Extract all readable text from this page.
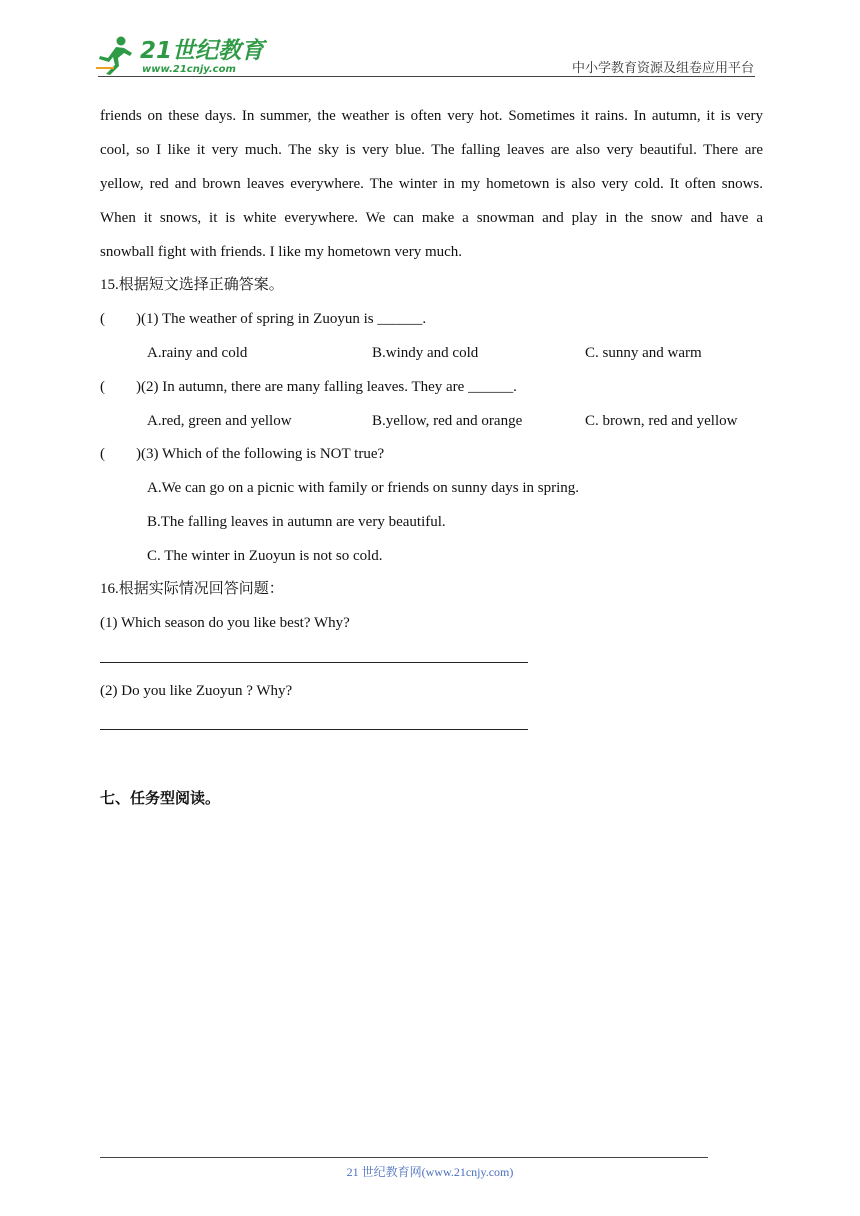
21世纪教育
www.21cnjy.com	中小学教育资源及组卷应用平台
friends on these days. In summer, the weather is often very hot. Sometimes it rains. In autumn, it is very
cool, so I like it very much. The sky is very blue. The falling leaves are also very beautiful. There are
yellow, red and brown leaves everywhere. The winter in my hometown is also very cold. It often snows.
When it snows, it is white everywhere. We can make a snowman and play in the snow and have a
snowball fight with friends. I like my hometown very much.
15.根据短文选择正确答案。
( )(1) The weather of spring in Zuoyun is ______.
A.rainy and cold	B.windy and cold	C. sunny and warm
( )(2) In autumn, there are many falling leaves. They are ______.
A.red, green and yellow	B.yellow, red and orange	C. brown, red and yellow
( )(3) Which of the following is NOT true?
A.We can go on a picnic with family or friends on sunny days in spring.
B.The falling leaves in autumn are very beautiful.
C. The winter in Zuoyun is not so cold.
16.根据实际情况回答问题：
(1) Which season do you like best? Why?
(2) Do you like Zuoyun ? Why?
七、任务型阅读。
21 世纪教育网(www.21cnjy.com)
